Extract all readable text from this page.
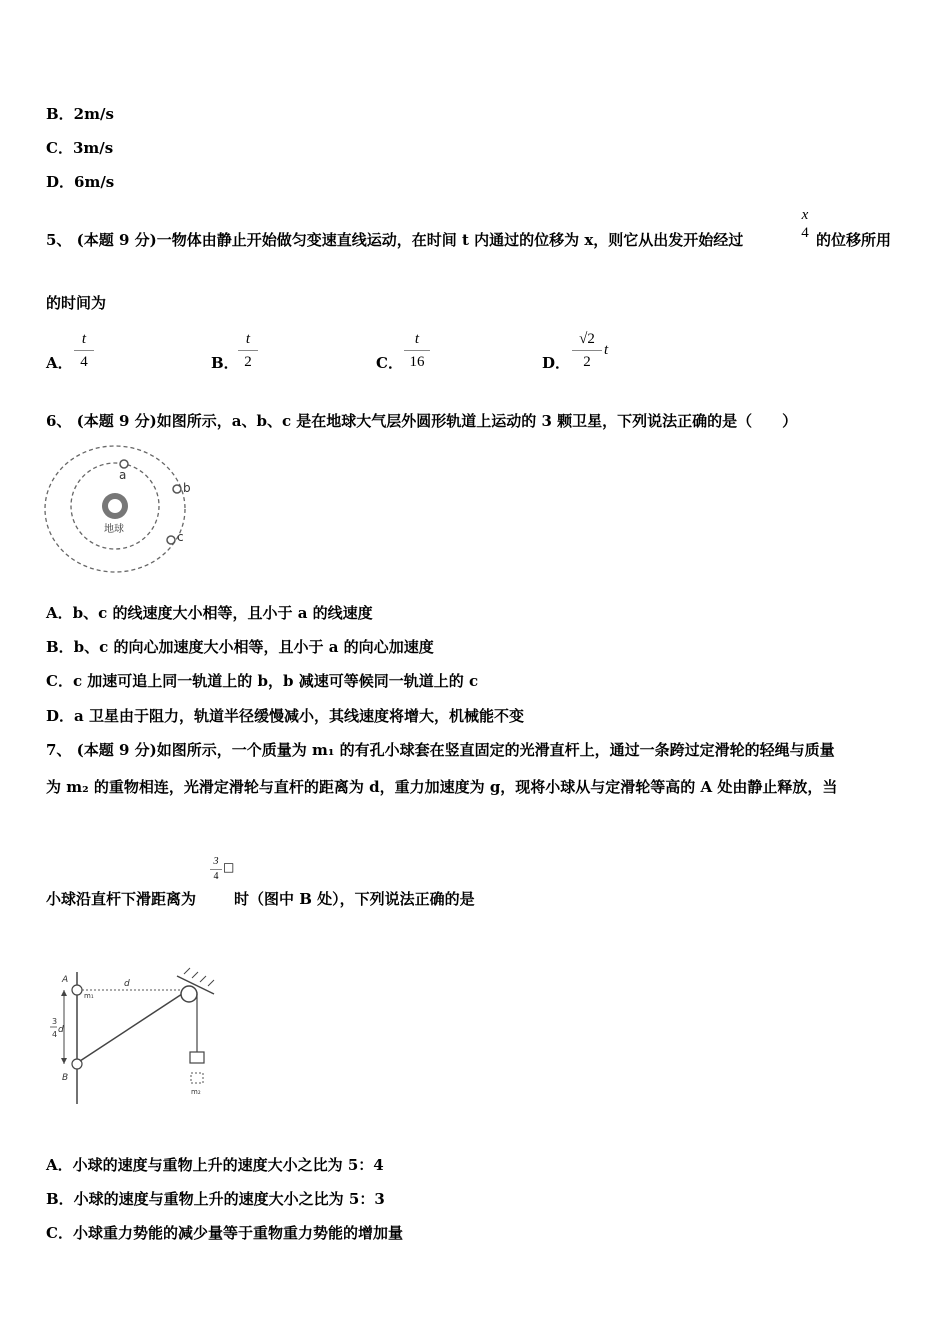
B．2m/s
C．3m/s
D．6m/s
5、 (本题 9 分)一物体由静止开始做匀变速直线运动，在时间 t 内通过的位移为 x，则它从出发开始经过
x
4 的位移所用
的时间为
A．
t
4	B．
t
2	C．
t
16	D．
√2
2
t
6、 (本题 9 分)如图所示，a、b、c 是在地球大气层外圆形轨道上运动的 3 颗卫星，下列说法正确的是（　　）
地球
a
b
c
A．b、c 的线速度大小相等，且小于 a 的线速度
B．b、c 的向心加速度大小相等，且小于 a 的向心加速度
C．c 加速可追上同一轨道上的 b，b 减速可等候同一轨道上的 c
D．a 卫星由于阻力，轨道半径缓慢减小，其线速度将增大，机械能不变
7、 (本题 9 分)如图所示，一个质量为 m₁ 的有孔小球套在竖直固定的光滑直杆上，通过一条跨过定滑轮的轻绳与质量
为 m₂ 的重物相连，光滑定滑轮与直杆的距离为 d，重力加速度为 g，现将小球从与定滑轮等高的 A 处由静止释放，当
小球沿直杆下滑距离为
3
4
□
时（图中 B 处），下列说法正确的是
A
m₁
d
3
4 d
B
m₂
A．小球的速度与重物上升的速度大小之比为 5：4
B．小球的速度与重物上升的速度大小之比为 5：3
C．小球重力势能的减少量等于重物重力势能的增加量
